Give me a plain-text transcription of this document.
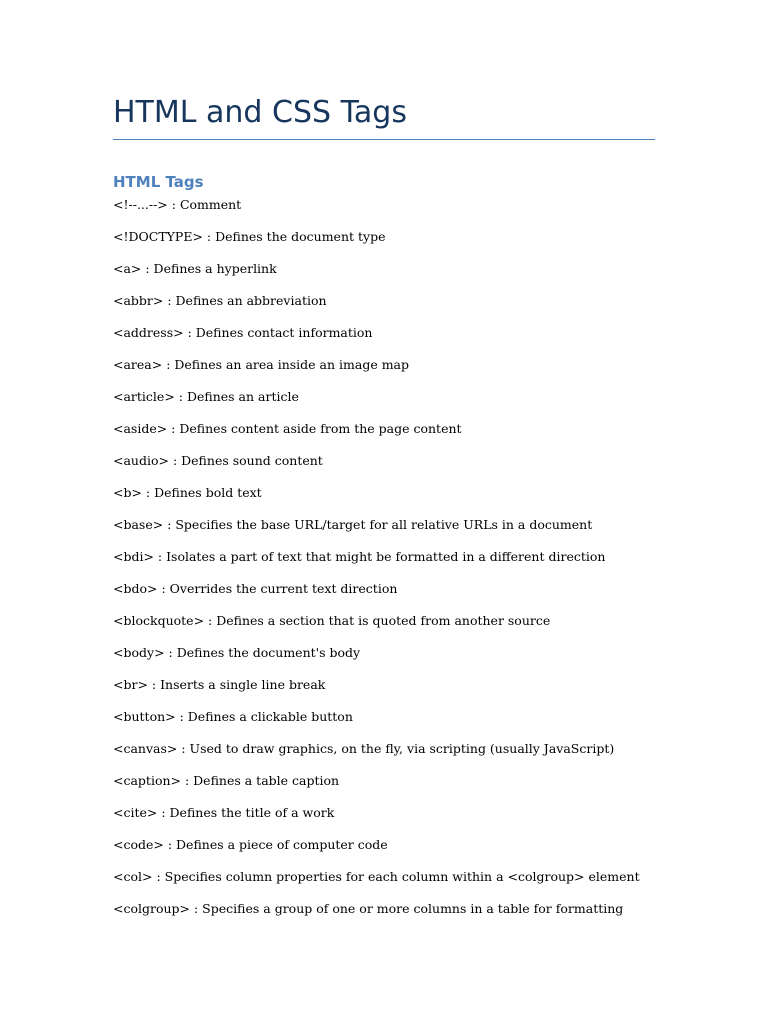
HTML and CSS Tags
HTML Tags
<!--...--> : Comment
<!DOCTYPE> : Defines the document type
<a> : Defines a hyperlink
<abbr> : Defines an abbreviation
<address> : Defines contact information
<area> : Defines an area inside an image map
<article> : Defines an article
<aside> : Defines content aside from the page content
<audio> : Defines sound content
<b> : Defines bold text
<base> : Specifies the base URL/target for all relative URLs in a document
<bdi> : Isolates a part of text that might be formatted in a different direction
<bdo> : Overrides the current text direction
<blockquote> : Defines a section that is quoted from another source
<body> : Defines the document's body
<br> : Inserts a single line break
<button> : Defines a clickable button
<canvas> : Used to draw graphics, on the fly, via scripting (usually JavaScript)
<caption> : Defines a table caption
<cite> : Defines the title of a work
<code> : Defines a piece of computer code
<col> : Specifies column properties for each column within a <colgroup> element
<colgroup> : Specifies a group of one or more columns in a table for formatting
